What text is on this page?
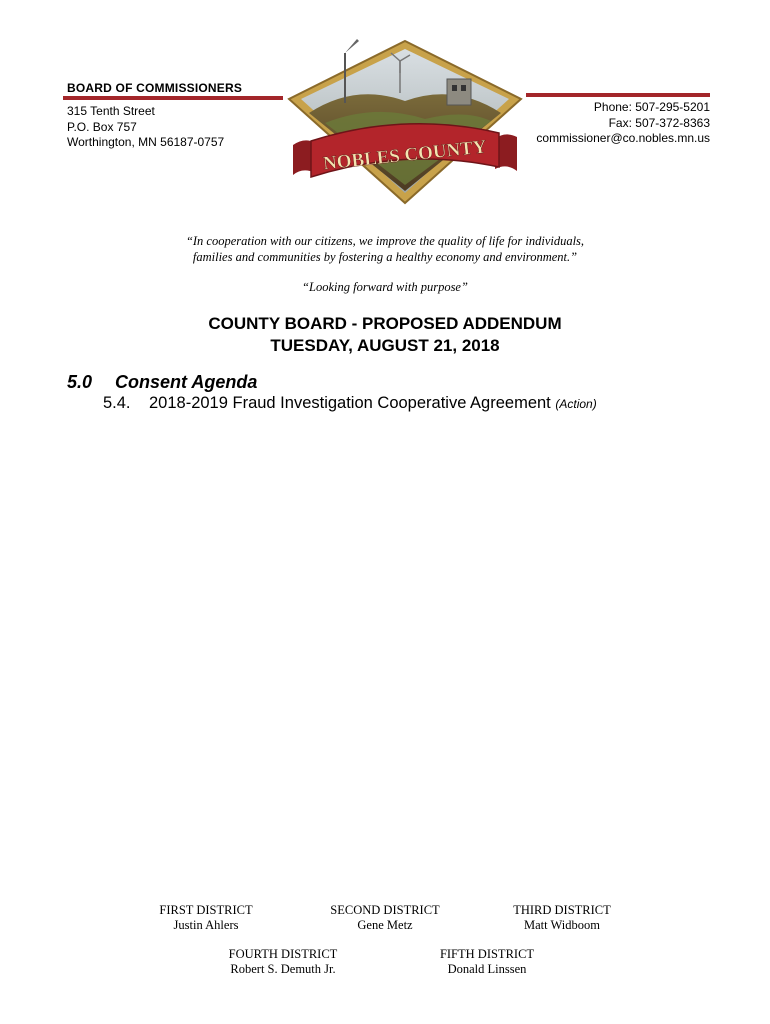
BOARD OF COMMISSIONERS
315 Tenth Street
P.O. Box 757
Worthington, MN 56187-0757
Phone: 507-295-5201
Fax: 507-372-8363
commissioner@co.nobles.mn.us
NOBLES COUNTY
“In cooperation with our citizens, we improve the quality of life for individuals,
families and communities by fostering a healthy economy and environment.”
“Looking forward with purpose”
COUNTY BOARD - PROPOSED ADDENDUM
TUESDAY, AUGUST 21, 2018
5.0 Consent Agenda
5.4. 2018-2019 Fraud Investigation Cooperative Agreement (Action)
FIRST DISTRICT
Justin Ahlers
SECOND DISTRICT
Gene Metz
THIRD DISTRICT
Matt Widboom
FOURTH DISTRICT
Robert S. Demuth Jr.
FIFTH DISTRICT
Donald Linssen
